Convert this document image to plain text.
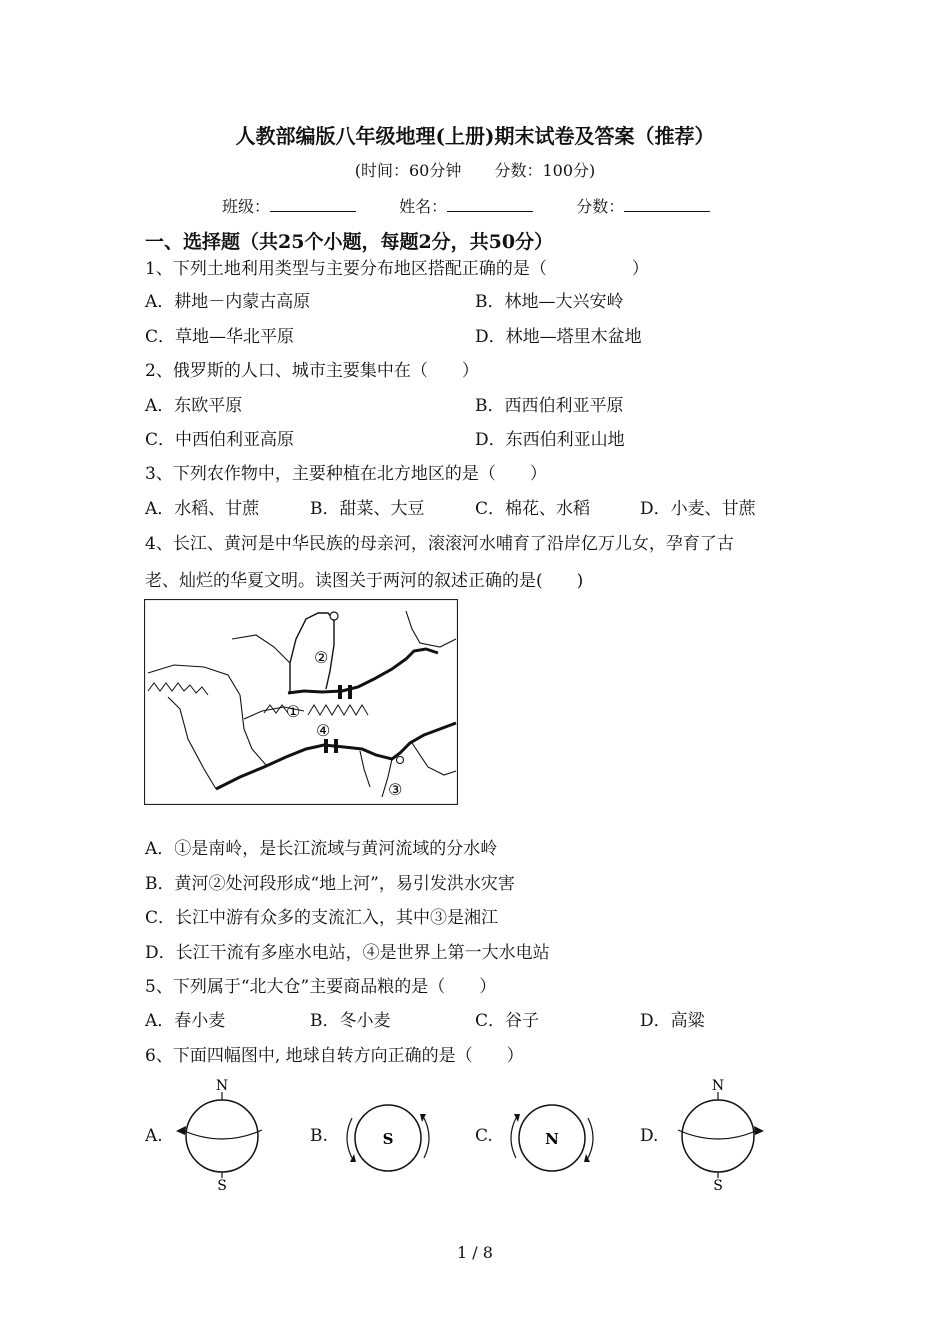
人教部编版八年级地理(上册)期末试卷及答案（推荐）
(时间：60分钟 分数：100分)
班级：	姓名：	分数：
一、选择题（共25个小题，每题2分，共50分）
1、下列土地利用类型与主要分布地区搭配正确的是（　　　　　）
A．耕地－内蒙古高原	B．林地—大兴安岭
C．草地—华北平原	D．林地—塔里木盆地
2、俄罗斯的人口、城市主要集中在（　　）
A．东欧平原	B．西西伯利亚平原
C．中西伯利亚高原	D．东西伯利亚山地
3、下列农作物中，主要种植在北方地区的是（　　）
A．水稻、甘蔗	B．甜菜、大豆	C．棉花、水稻	D．小麦、甘蔗
4、长江、黄河是中华民族的母亲河，滚滚河水哺育了沿岸亿万儿女，孕育了古
老、灿烂的华夏文明。读图关于两河的叙述正确的是(　　)
①
②
③
④
A．①是南岭，是长江流域与黄河流域的分水岭
B．黄河②处河段形成“地上河”，易引发洪水灾害
C．长江中游有众多的支流汇入，其中③是湘江
D．长江干流有多座水电站，④是世界上第一大水电站
5、下列属于“北大仓”主要商品粮的是（　　）
A．春小麦	B．冬小麦	C．谷子	D．高粱
6、下面四幅图中, 地球自转方向正确的是（　　）
A.
N
S
B.	S	C.	N	D.
N
S
1 / 8
